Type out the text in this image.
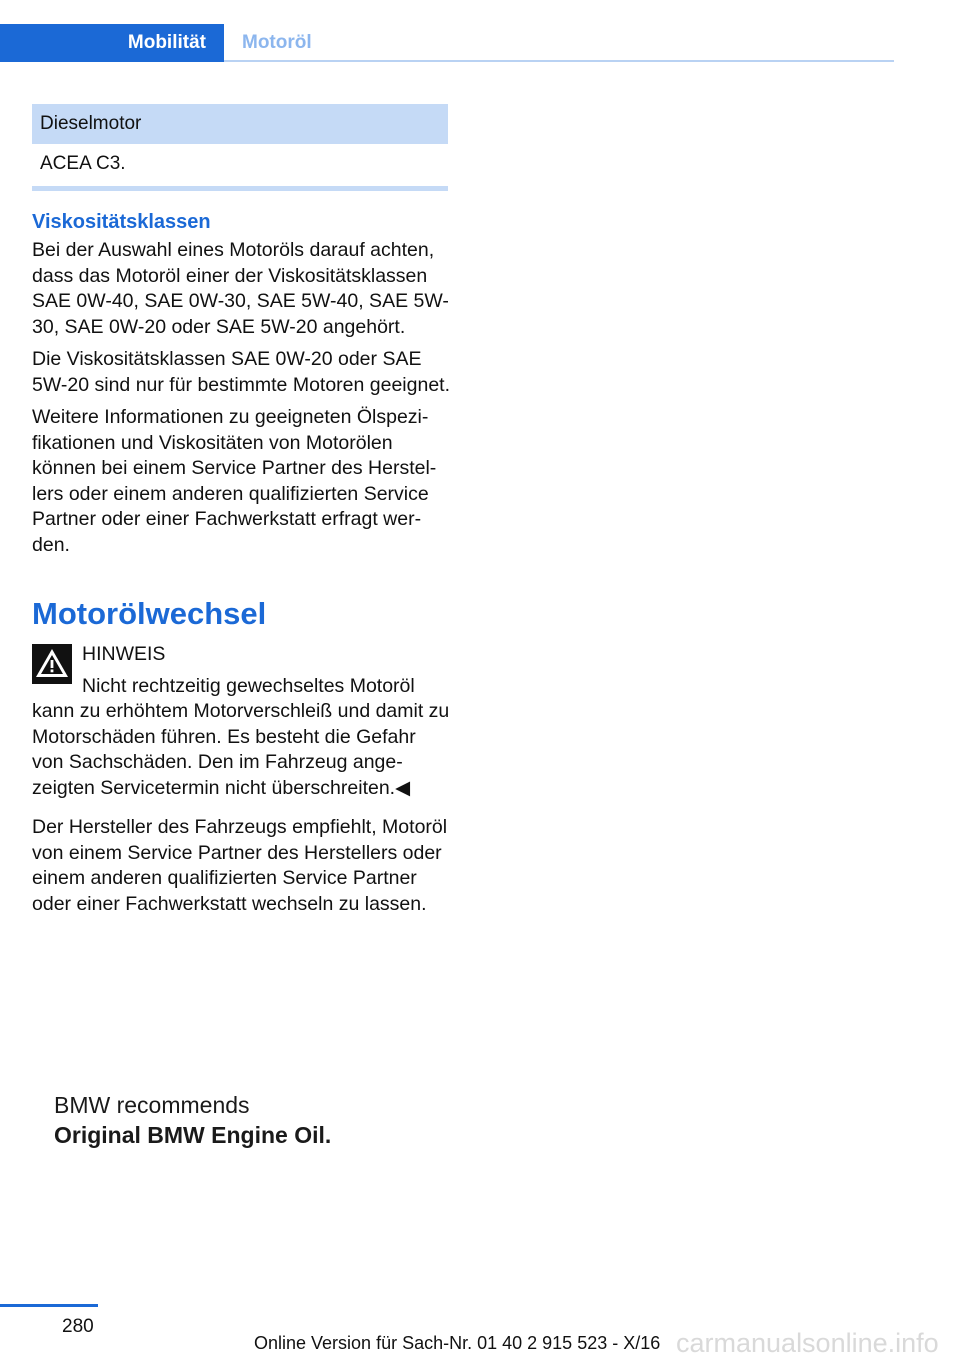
Mobilität Motoröl
Dieselmotor
ACEA C3.
Viskositätsklassen

Bei der Auswahl eines Motoröls darauf achten, dass das Motoröl einer der Viskositätsklassen SAE 0W-40, SAE 0W-30, SAE 5W-40, SAE 5W-30, SAE 0W-20 oder SAE 5W-20 angehört.

Die Viskositätsklassen SAE 0W-20 oder SAE 5W-20 sind nur für bestimmte Motoren geeignet.

Weitere Informationen zu geeigneten Ölspezifikationen und Viskositäten von Motorölen können bei einem Service Partner des Herstellers oder einem anderen qualifizierten Service Partner oder einer Fachwerkstatt erfragt werden.

Motorölwechsel
HINWEIS
Nicht rechtzeitig gewechseltes Motoröl kann zu erhöhtem Motorverschleiß und damit zu Motorschäden führen. Es besteht die Gefahr von Sachschäden. Den im Fahrzeug angezeigten Servicetermin nicht überschreiten.◀

Der Hersteller des Fahrzeugs empfiehlt, Motoröl von einem Service Partner des Herstellers oder einem anderen qualifizierten Service Partner oder einer Fachwerkstatt wechseln zu lassen.

BMW recommends
Original BMW Engine Oil.
280
Online Version für Sach-Nr. 01 40 2 915 523 - X/16 carmanualsonline.info
